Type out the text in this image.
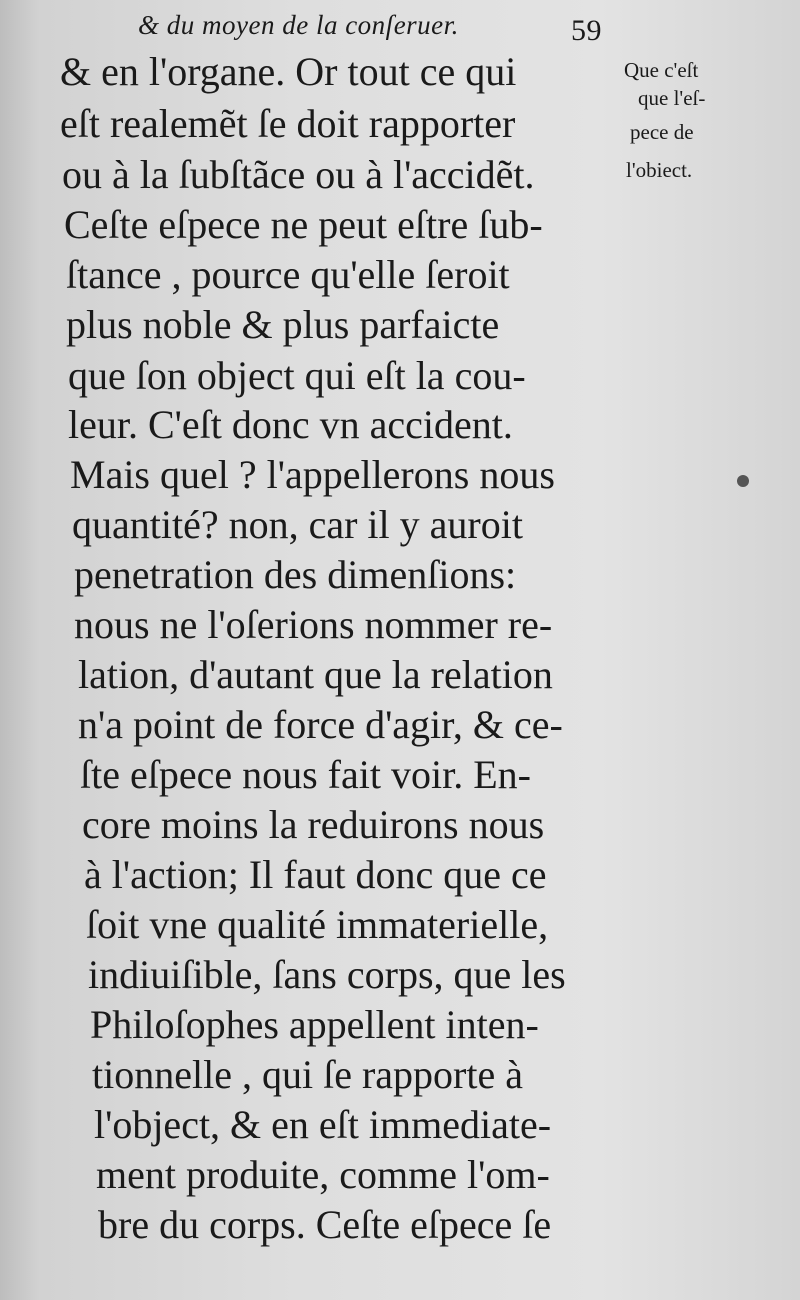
& du moyen de la conſeruer.	59
Que c'eſt
que l'eſ-
pece de
l'obiect.
& en l'organe. Or tout ce qui
eſt realemẽt ſe doit rapporter
ou à la ſubſtãce ou à l'accidẽt.
Ceſte eſpece ne peut eſtre ſub-
ſtance , pource qu'elle ſeroit
plus noble & plus parfaicte
que ſon object qui eſt la cou-
leur. C'eſt donc vn accident.
Mais quel ? l'appellerons nous
quantité? non, car il y auroit
penetration des dimenſions:
nous ne l'oſerions nommer re-
lation, d'autant que la relation
n'a point de force d'agir, & ce-
ſte eſpece nous fait voir. En-
core moins la reduirons nous
à l'action; Il faut donc que ce
ſoit vne qualité immaterielle,
indiuiſible, ſans corps, que les
Philoſophes appellent inten-
tionnelle , qui ſe rapporte à
l'object, & en eſt immediate-
ment produite, comme l'om-
bre du corps. Ceſte eſpece ſe
